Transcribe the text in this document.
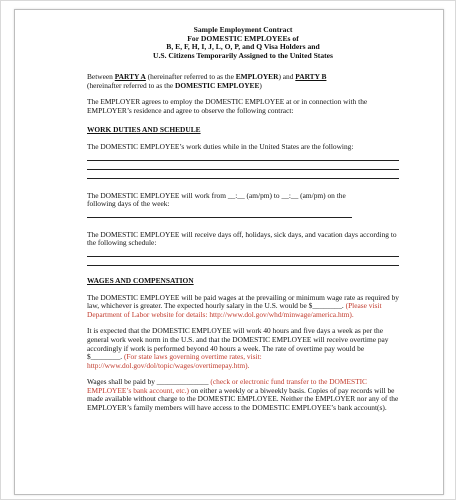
Sample Employment Contract
For DOMESTIC EMPLOYEEs of
B, E, F, H, I, J, L, O, P, and Q Visa Holders and
U.S. Citizens Temporarily Assigned to the United States

Between PARTY A (hereinafter referred to as the EMPLOYER) and PARTY B
(hereinafter referred to as the DOMESTIC EMPLOYEE)

The EMPLOYER agrees to employ the DOMESTIC EMPLOYEE at or in connection with the EMPLOYER’s residence and agree to observe the following contract:

WORK DUTIES AND SCHEDULE

The DOMESTIC EMPLOYEE’s work duties while in the United States are the following:

The DOMESTIC EMPLOYEE will work from __:__ (am/pm) to __:__ (am/pm) on the
following days of the week:

The DOMESTIC EMPLOYEE will receive days off, holidays, sick days, and vacation days according to the following schedule:

WAGES AND COMPENSATION

The DOMESTIC EMPLOYEE will be paid wages at the prevailing or minimum wage rate as required by law, whichever is greater. The expected hourly salary in the U.S. would be $________. (Please visit Department of Labor website for details: http://www.dol.gov/whd/minwage/america.htm).

It is expected that the DOMESTIC EMPLOYEE will work 40 hours and five days a week as per the general work week norm in the U.S. and that the DOMESTIC EMPLOYEE will receive overtime pay accordingly if work is performed beyond 40 hours a week. The rate of overtime pay would be $________. (For state laws governing overtime rates, visit: http://www.dol.gov/dol/topic/wages/overtimepay.htm).

Wages shall be paid by ______________ (check or electronic fund transfer to the DOMESTIC EMPLOYEE’s bank account, etc.) on either a weekly or a biweekly basis. Copies of pay records will be made available without charge to the DOMESTIC EMPLOYEE. Neither the EMPLOYER nor any of the EMPLOYER’s family members will have access to the DOMESTIC EMPLOYEE’s bank account(s).
